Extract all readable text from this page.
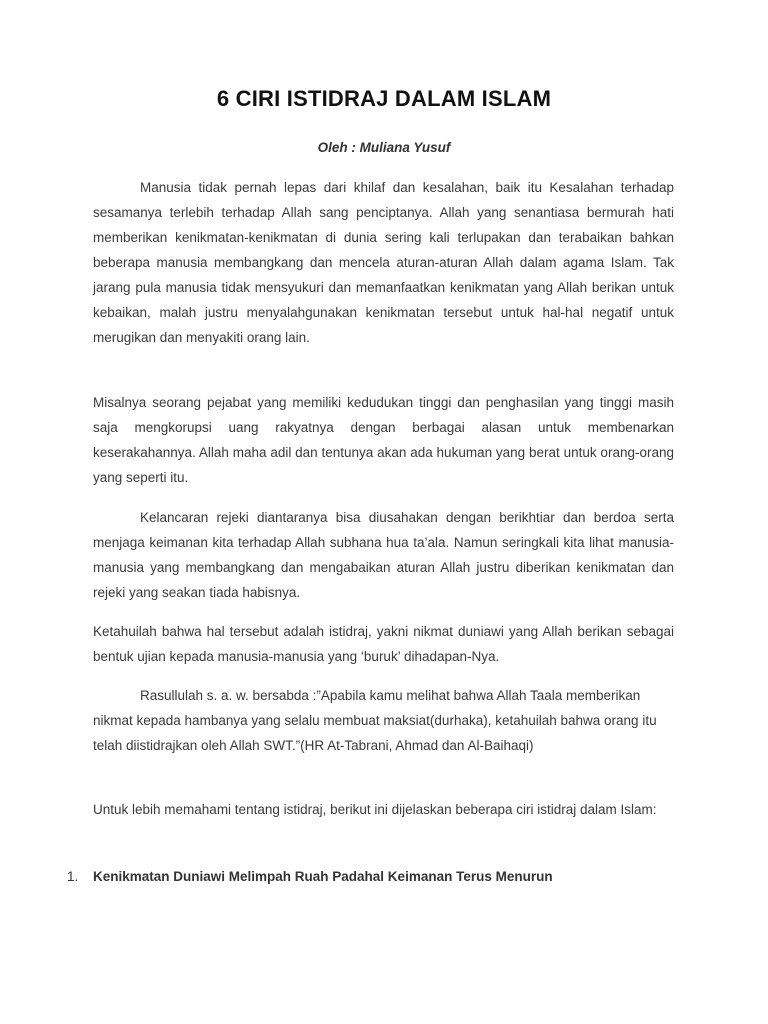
6 CIRI ISTIDRAJ DALAM ISLAM
Oleh : Muliana Yusuf

Manusia tidak pernah lepas dari khilaf dan kesalahan, baik itu Kesalahan terhadap sesamanya terlebih terhadap Allah sang penciptanya. Allah yang senantiasa bermurah hati memberikan kenikmatan-kenikmatan di dunia sering kali terlupakan dan terabaikan bahkan beberapa manusia membangkang dan mencela aturan-aturan Allah dalam agama Islam. Tak jarang pula manusia tidak mensyukuri dan memanfaatkan kenikmatan yang Allah berikan untuk kebaikan, malah justru menyalahgunakan kenikmatan tersebut untuk hal-hal negatif untuk merugikan dan menyakiti orang lain.

Misalnya seorang pejabat yang memiliki kedudukan tinggi dan penghasilan yang tinggi masih saja mengkorupsi uang rakyatnya dengan berbagai alasan untuk membenarkan keserakahannya. Allah maha adil dan tentunya akan ada hukuman yang berat untuk orang-orang yang seperti itu.

Kelancaran rejeki diantaranya bisa diusahakan dengan berikhtiar dan berdoa serta menjaga keimanan kita terhadap Allah subhana hua ta’ala. Namun seringkali kita lihat manusia-manusia yang membangkang dan mengabaikan aturan Allah justru diberikan kenikmatan dan rejeki yang seakan tiada habisnya.

Ketahuilah bahwa hal tersebut adalah istidraj, yakni nikmat duniawi yang Allah berikan sebagai bentuk ujian kepada manusia-manusia yang ‘buruk’ dihadapan-Nya.

Rasullulah s. a. w. bersabda :”Apabila kamu melihat bahwa Allah Taala memberikan nikmat kepada hambanya yang selalu membuat maksiat(durhaka), ketahuilah bahwa orang itu telah diistidrajkan oleh Allah SWT.”(HR At-Tabrani, Ahmad dan Al-Baihaqi)

Untuk lebih memahami tentang istidraj, berikut ini dijelaskan beberapa ciri istidraj dalam Islam:

1. Kenikmatan Duniawi Melimpah Ruah Padahal Keimanan Terus Menurun
